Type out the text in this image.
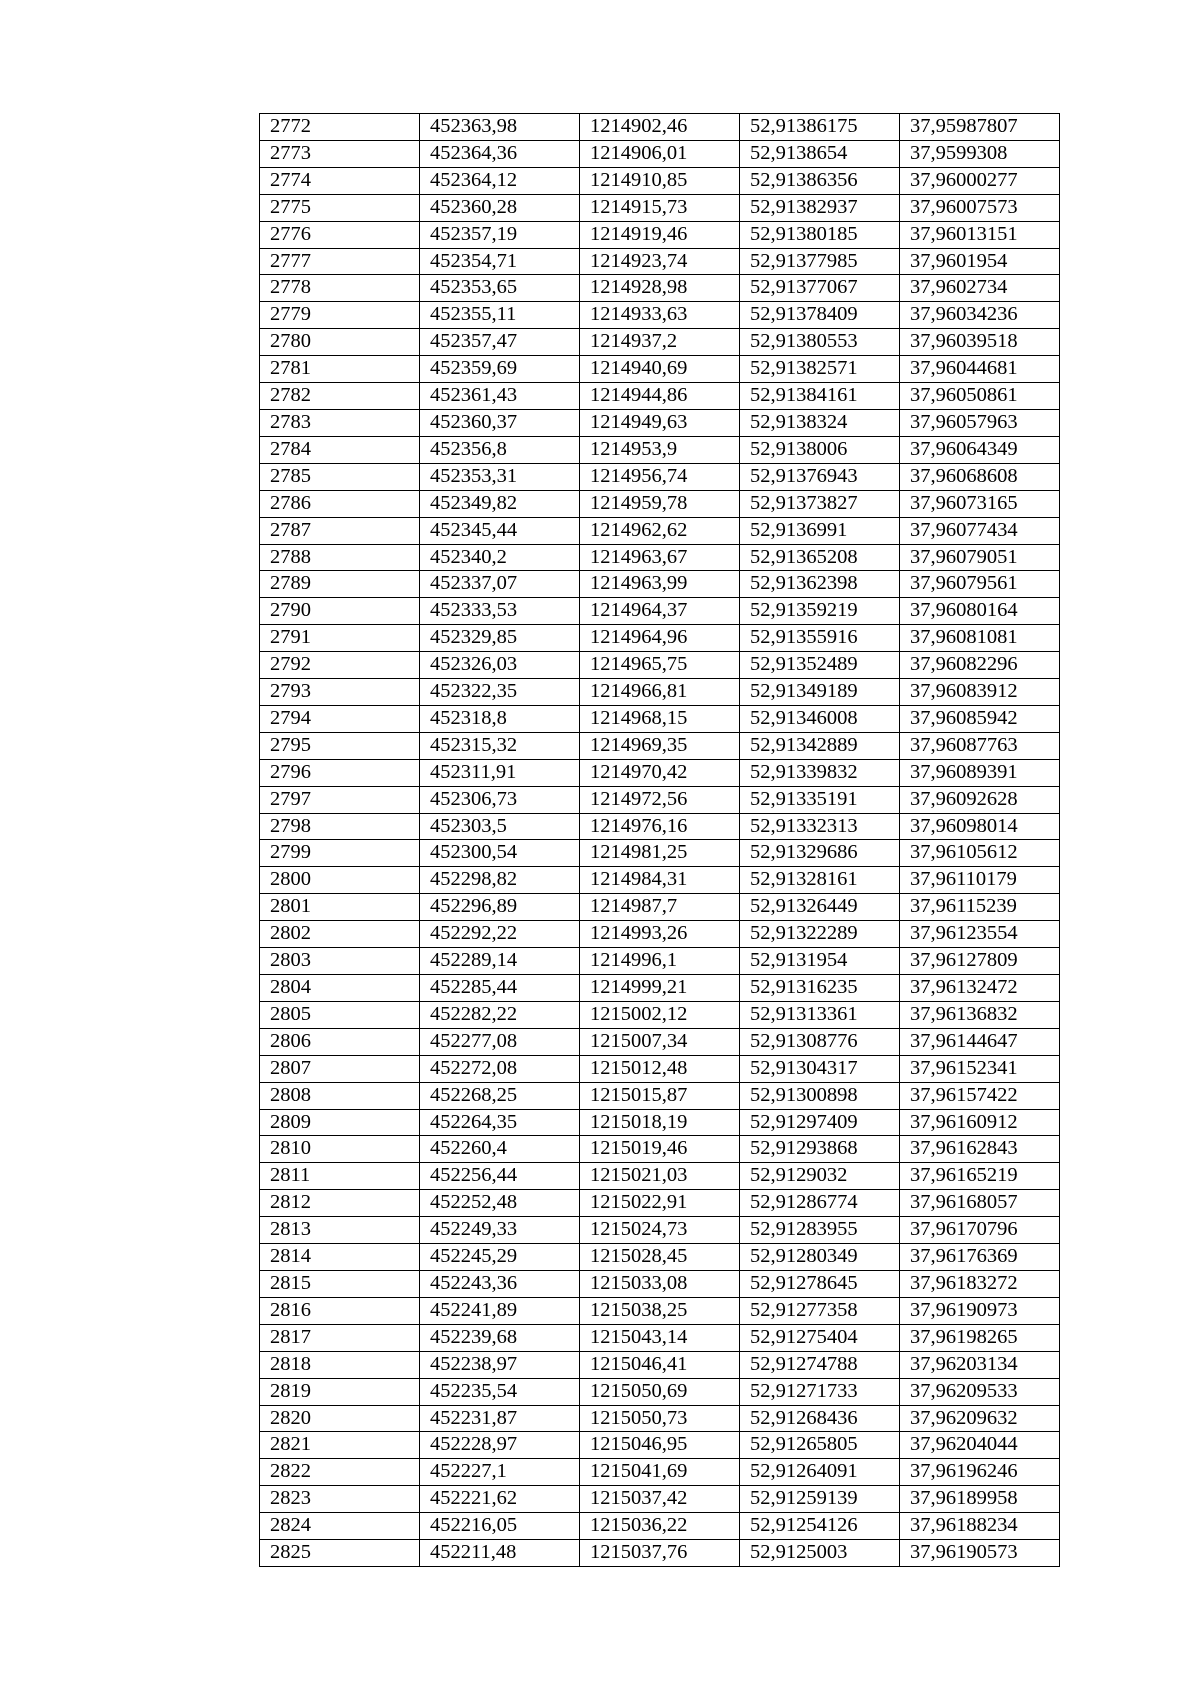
2772	452363,98	1214902,46	52,91386175	37,95987807
2773	452364,36	1214906,01	52,9138654	37,9599308
2774	452364,12	1214910,85	52,91386356	37,96000277
2775	452360,28	1214915,73	52,91382937	37,96007573
2776	452357,19	1214919,46	52,91380185	37,96013151
2777	452354,71	1214923,74	52,91377985	37,9601954
2778	452353,65	1214928,98	52,91377067	37,9602734
2779	452355,11	1214933,63	52,91378409	37,96034236
2780	452357,47	1214937,2	52,91380553	37,96039518
2781	452359,69	1214940,69	52,91382571	37,96044681
2782	452361,43	1214944,86	52,91384161	37,96050861
2783	452360,37	1214949,63	52,9138324	37,96057963
2784	452356,8	1214953,9	52,9138006	37,96064349
2785	452353,31	1214956,74	52,91376943	37,96068608
2786	452349,82	1214959,78	52,91373827	37,96073165
2787	452345,44	1214962,62	52,9136991	37,96077434
2788	452340,2	1214963,67	52,91365208	37,96079051
2789	452337,07	1214963,99	52,91362398	37,96079561
2790	452333,53	1214964,37	52,91359219	37,96080164
2791	452329,85	1214964,96	52,91355916	37,96081081
2792	452326,03	1214965,75	52,91352489	37,96082296
2793	452322,35	1214966,81	52,91349189	37,96083912
2794	452318,8	1214968,15	52,91346008	37,96085942
2795	452315,32	1214969,35	52,91342889	37,96087763
2796	452311,91	1214970,42	52,91339832	37,96089391
2797	452306,73	1214972,56	52,91335191	37,96092628
2798	452303,5	1214976,16	52,91332313	37,96098014
2799	452300,54	1214981,25	52,91329686	37,96105612
2800	452298,82	1214984,31	52,91328161	37,96110179
2801	452296,89	1214987,7	52,91326449	37,96115239
2802	452292,22	1214993,26	52,91322289	37,96123554
2803	452289,14	1214996,1	52,9131954	37,96127809
2804	452285,44	1214999,21	52,91316235	37,96132472
2805	452282,22	1215002,12	52,91313361	37,96136832
2806	452277,08	1215007,34	52,91308776	37,96144647
2807	452272,08	1215012,48	52,91304317	37,96152341
2808	452268,25	1215015,87	52,91300898	37,96157422
2809	452264,35	1215018,19	52,91297409	37,96160912
2810	452260,4	1215019,46	52,91293868	37,96162843
2811	452256,44	1215021,03	52,9129032	37,96165219
2812	452252,48	1215022,91	52,91286774	37,96168057
2813	452249,33	1215024,73	52,91283955	37,96170796
2814	452245,29	1215028,45	52,91280349	37,96176369
2815	452243,36	1215033,08	52,91278645	37,96183272
2816	452241,89	1215038,25	52,91277358	37,96190973
2817	452239,68	1215043,14	52,91275404	37,96198265
2818	452238,97	1215046,41	52,91274788	37,96203134
2819	452235,54	1215050,69	52,91271733	37,96209533
2820	452231,87	1215050,73	52,91268436	37,96209632
2821	452228,97	1215046,95	52,91265805	37,96204044
2822	452227,1	1215041,69	52,91264091	37,96196246
2823	452221,62	1215037,42	52,91259139	37,96189958
2824	452216,05	1215036,22	52,91254126	37,96188234
2825	452211,48	1215037,76	52,9125003	37,96190573
